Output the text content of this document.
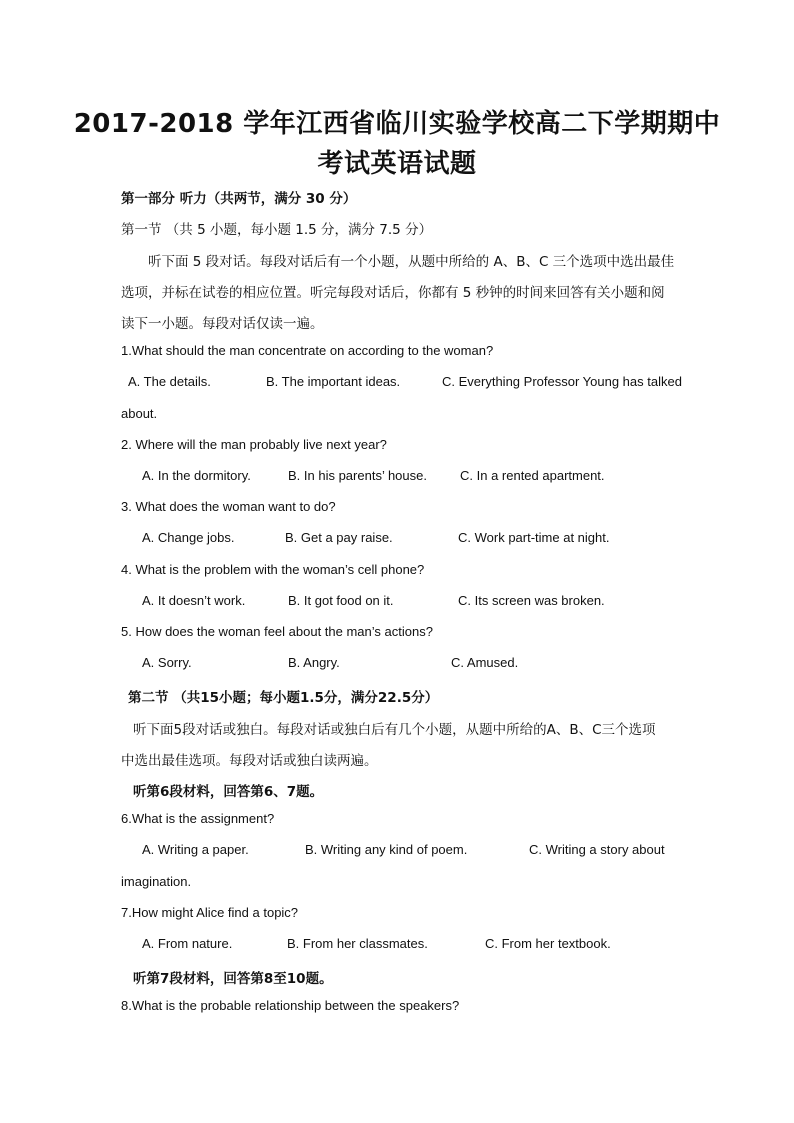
2017-2018 学年江西省临川实验学校高二下学期期中
考试英语试题
第一部分 听力（共两节，满分 30 分）
第一节 （共 5 小题，每小题 1.5 分，满分 7.5 分）
听下面 5 段对话。每段对话后有一个小题，从题中所给的 A、B、C 三个选项中选出最佳
选项，并标在试卷的相应位置。听完每段对话后，你都有 5 秒钟的时间来回答有关小题和阅
读下一小题。每段对话仅读一遍。
1.What should the man concentrate on according to the woman?
A. The details.	B. The important ideas.	C. Everything Professor Young has talked
about.
2. Where will the man probably live next year?
A. In the dormitory.	B. In his parents’ house.	C. In a rented apartment.
3. What does the woman want to do?
A. Change jobs.	B. Get a pay raise.	C. Work part-time at night.
4. What is the problem with the woman’s cell phone?
A. It doesn’t work.	B. It got food on it.	C. Its screen was broken.
5. How does the woman feel about the man’s actions?
A. Sorry.	B. Angry.	C. Amused.
第二节 （共15小题；每小题1.5分，满分22.5分）
听下面5段对话或独白。每段对话或独白后有几个小题，从题中所给的A、B、C三个选项
中选出最佳选项。每段对话或独白读两遍。
听第6段材料，回答第6、7题。
6.What is the assignment?
A. Writing a paper.	B. Writing any kind of poem.	C. Writing a story about
imagination.
7.How might Alice find a topic?
A. From nature.	B. From her classmates.	C. From her textbook.
听第7段材料，回答第8至10题。
8.What is the probable relationship between the speakers?
